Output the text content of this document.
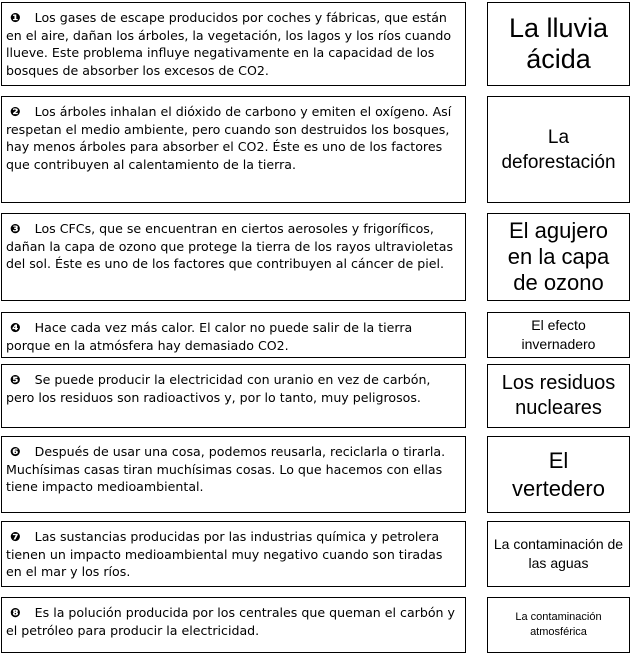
❶ Los gases de escape producidos por coches y fábricas, que están en el aire, dañan los árboles, la vegetación, los lagos y los ríos cuando llueve. Este problema influye negativamente en la capacidad de los bosques de absorber los excesos de CO2.
La lluvia ácida
❷ Los árboles inhalan el dióxido de carbono y emiten el oxígeno. Así respetan el medio ambiente, pero cuando son destruidos los bosques, hay menos árboles para absorber el CO2. Éste es uno de los factores que contribuyen al calentamiento de la tierra.
La deforestación
❸ Los CFCs, que se encuentran en ciertos aerosoles y frigoríficos, dañan la capa de ozono que protege la tierra de los rayos ultravioletas del sol. Éste es uno de los factores que contribuyen al cáncer de piel.
El agujero en la capa de ozono
❹ Hace cada vez más calor. El calor no puede salir de la tierra porque en la atmósfera hay demasiado CO2.
El efecto invernadero
❺ Se puede producir la electricidad con uranio en vez de carbón, pero los residuos son radioactivos y, por lo tanto, muy peligrosos.
Los residuos nucleares
❻ Después de usar una cosa, podemos reusarla, reciclarla o tirarla. Muchísimas casas tiran muchísimas cosas. Lo que hacemos con ellas tiene impacto medioambiental.
El vertedero
❼ Las sustancias producidas por las industrias química y petrolera tienen un impacto medioambiental muy negativo cuando son tiradas en el mar y los ríos.
La contaminación de las aguas
❽ Es la polución producida por los centrales que queman el carbón y el petróleo para producir la electricidad.
La contaminación atmosférica
